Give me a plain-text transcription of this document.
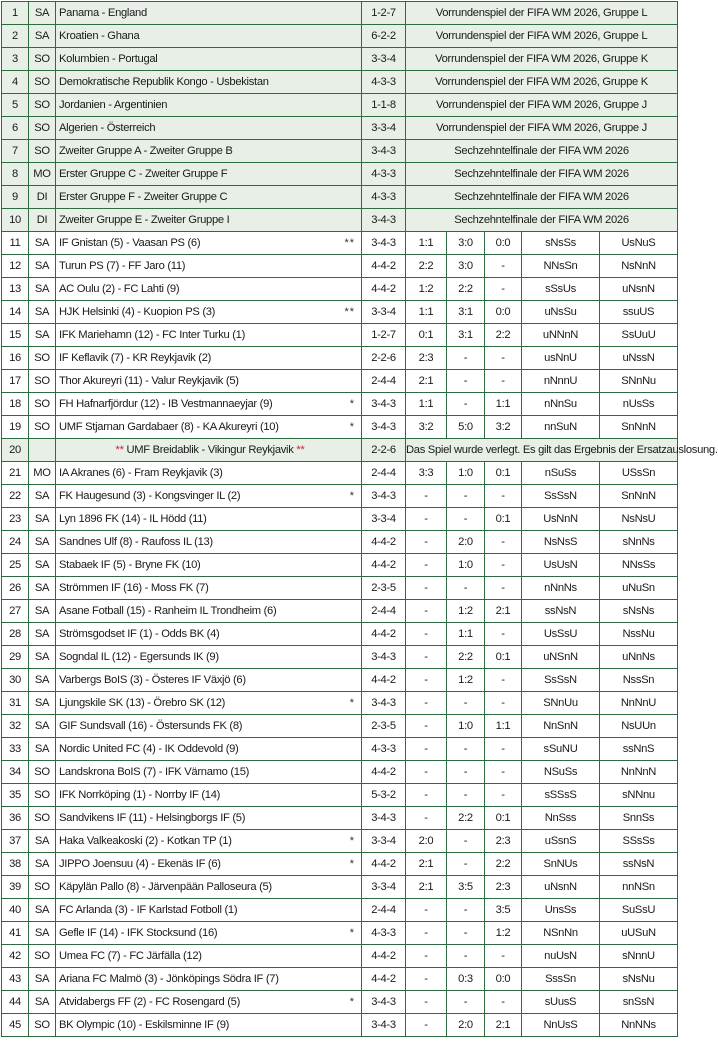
1	SA	Panama - England	1-2-7	Vorrundenspiel der FIFA WM 2026, Gruppe L				
2	SA	Kroatien - Ghana	6-2-2	Vorrundenspiel der FIFA WM 2026, Gruppe L				
3	SO	Kolumbien - Portugal	3-3-4	Vorrundenspiel der FIFA WM 2026, Gruppe K				
4	SO	Demokratische Republik Kongo - Usbekistan	4-3-3	Vorrundenspiel der FIFA WM 2026, Gruppe K				
5	SO	Jordanien - Argentinien	1-1-8	Vorrundenspiel der FIFA WM 2026, Gruppe J				
6	SO	Algerien - Österreich	3-3-4	Vorrundenspiel der FIFA WM 2026, Gruppe J				
7	SO	Zweiter Gruppe A - Zweiter Gruppe B	3-4-3	Sechzehntelfinale der FIFA WM 2026				
8	MO	Erster Gruppe C - Zweiter Gruppe F	4-3-3	Sechzehntelfinale der FIFA WM 2026				
9	DI	Erster Gruppe F - Zweiter Gruppe C	4-3-3	Sechzehntelfinale der FIFA WM 2026				
10	DI	Zweiter Gruppe E - Zweiter Gruppe I	3-4-3	Sechzehntelfinale der FIFA WM 2026				
11	SA	IF Gnistan (5) - Vaasan PS (6) **	3-4-3	1:1	3:0	0:0	sNsSs	UsNuS
12	SA	Turun PS (7) - FF Jaro (11)	4-4-2	2:2	3:0	-	NNsSn	NsNnN
13	SA	AC Oulu (2) - FC Lahti (9)	4-4-2	1:2	2:2	-	sSsUs	uNsnN
14	SA	HJK Helsinki (4) - Kuopion PS (3) **	3-3-4	1:1	3:1	0:0	uNsSu	ssuUS
15	SA	IFK Mariehamn (12) - FC Inter Turku (1)	1-2-7	0:1	3:1	2:2	uNNnN	SsUuU
16	SO	IF Keflavik (7) - KR Reykjavik (2)	2-2-6	2:3	-	-	usNnU	uNssN
17	SO	Thor Akureyri (11) - Valur Reykjavik (5)	2-4-4	2:1	-	-	nNnnU	SNnNu
18	SO	FH Hafnarfjördur (12) - IB Vestmannaeyjar (9) *	3-4-3	1:1	-	1:1	nNnSu	nUsSs
19	SO	UMF Stjarnan Gardabaer (8) - KA Akureyri (10) *	3-4-3	3:2	5:0	3:2	nnSuN	SnNnN
20		** UMF Breidablik - Vikingur Reykjavik **	2-2-6	Das Spiel wurde verlegt. Es gilt das Ergebnis der Ersatzauslosung.				
21	MO	IA Akranes (6) - Fram Reykjavik (3)	2-4-4	3:3	1:0	0:1	nSuSs	USsSn
22	SA	FK Haugesund (3) - Kongsvinger IL (2) *	3-4-3	-	-	-	SsSsN	SnNnN
23	SA	Lyn 1896 FK (14) - IL Hödd (11)	3-3-4	-	-	0:1	UsNnN	NsNsU
24	SA	Sandnes Ulf (8) - Raufoss IL (13)	4-4-2	-	2:0	-	NsNsS	sNnNs
25	SA	Stabaek IF (5) - Bryne FK (10)	4-4-2	-	1:0	-	UsUsN	NNsSs
26	SA	Strömmen IF (16) - Moss FK (7)	2-3-5	-	-	-	nNnNs	uNuSn
27	SA	Asane Fotball (15) - Ranheim IL Trondheim (6)	2-4-4	-	1:2	2:1	ssNsN	sNsNs
28	SA	Strömsgodset IF (1) - Odds BK (4)	4-4-2	-	1:1	-	UsSsU	NssNu
29	SA	Sogndal IL (12) - Egersunds IK (9)	3-4-3	-	2:2	0:1	uNSnN	uNnNs
30	SA	Varbergs BoIS (3) - Österes IF Växjö (6)	4-4-2	-	1:2	-	SsSsN	NssSn
31	SA	Ljungskile SK (13) - Örebro SK (12) *	3-4-3	-	-	-	SNnUu	NnNnU
32	SA	GIF Sundsvall (16) - Östersunds FK (8)	2-3-5	-	1:0	1:1	NnSnN	NsUUn
33	SA	Nordic United FC (4) - IK Oddevold (9)	4-3-3	-	-	-	sSuNU	ssNnS
34	SO	Landskrona BoIS (7) - IFK Värnamo (15)	4-4-2	-	-	-	NSuSs	NnNnN
35	SO	IFK Norrköping (1) - Norrby IF (14)	5-3-2	-	-	-	sSSsS	sNNnu
36	SO	Sandvikens IF (11) - Helsingborgs IF (5)	3-4-3	-	2:2	0:1	NnSss	SnnSs
37	SA	Haka Valkeakoski (2) - Kotkan TP (1) *	3-3-4	2:0	-	2:3	uSsnS	SSsSs
38	SA	JIPPO Joensuu (4) - Ekenäs IF (6) *	4-4-2	2:1	-	2:2	SnNUs	ssNsN
39	SO	Käpylän Pallo (8) - Järvenpään Palloseura (5)	3-3-4	2:1	3:5	2:3	uNsnN	nnNSn
40	SA	FC Arlanda (3) - IF Karlstad Fotboll (1)	2-4-4	-	-	3:5	UnsSs	SuSsU
41	SA	Gefle IF (14) - IFK Stocksund (16) *	4-3-3	-	-	1:2	NSnNn	uUSuN
42	SO	Umea FC (7) - FC Järfälla (12)	4-4-2	-	-	-	nuUsN	sNnnU
43	SA	Ariana FC Malmö (3) - Jönköpings Södra IF (7)	4-4-2	-	0:3	0:0	SssSn	sNsNu
44	SA	Atvidabergs FF (2) - FC Rosengard (5) *	3-4-3	-	-	-	sUusS	snSsN
45	SO	BK Olympic (10) - Eskilsminne IF (9)	3-4-3	-	2:0	2:1	NnUsS	NnNNs
